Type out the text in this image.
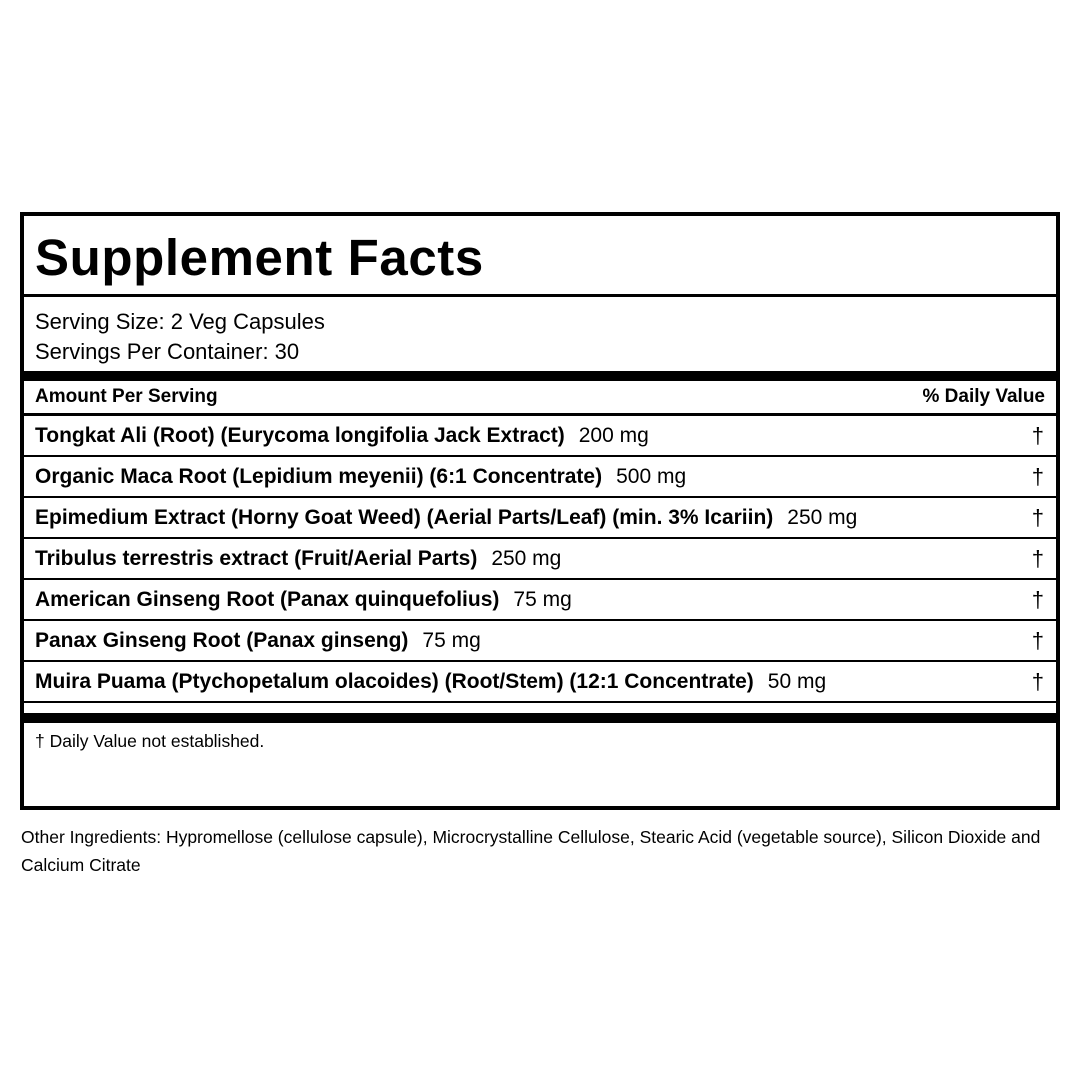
Supplement Facts
Serving Size: 2 Veg Capsules
Servings Per Container: 30
Amount Per Serving	% Daily Value
Tongkat Ali (Root) (Eurycoma longifolia Jack Extract) 200 mg	†
Organic Maca Root (Lepidium meyenii) (6:1 Concentrate) 500 mg	†
Epimedium Extract (Horny Goat Weed) (Aerial Parts/Leaf) (min. 3% Icariin) 250 mg	†
Tribulus terrestris extract (Fruit/Aerial Parts) 250 mg	†
American Ginseng Root (Panax quinquefolius) 75 mg	†
Panax Ginseng Root (Panax ginseng) 75 mg	†
Muira Puama (Ptychopetalum olacoides) (Root/Stem) (12:1 Concentrate) 50 mg	†
† Daily Value not established.
Other Ingredients: Hypromellose (cellulose capsule), Microcrystalline Cellulose, Stearic Acid (vegetable source), Silicon Dioxide and Calcium Citrate
